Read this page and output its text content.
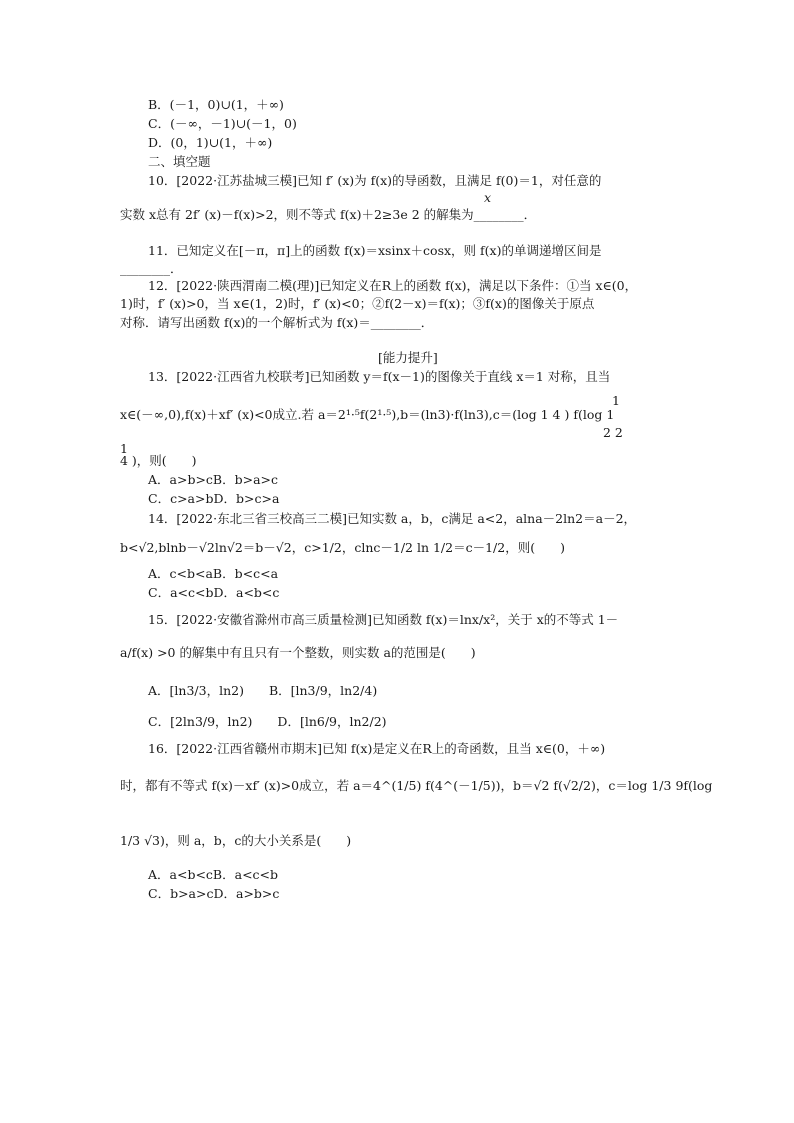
B．(－1，0)∪(1，＋∞)
C．(－∞，－1)∪(－1，0)
D．(0，1)∪(1，＋∞)
二、填空题
10．[2022·江苏盐城三模]已知 f′ (x)为 f(x)的导函数，且满足 f(0)＝1，对任意的
x
实数 x总有 2f′ (x)－f(x)>2，则不等式 f(x)＋2≥3e 2 的解集为________．
11．已知定义在[－π，π]上的函数 f(x)＝xsinx＋cosx，则 f(x)的单调递增区间是
________．
12．[2022·陕西渭南二模(理)]已知定义在R上的函数 f(x)，满足以下条件：①当 x∈(0，
1)时，f′ (x)>0，当 x∈(1，2)时，f′ (x)<0；②f(2－x)＝f(x)；③f(x)的图像关于原点
对称．请写出函数 f(x)的一个解析式为 f(x)＝________．
[能力提升]
13．[2022·江西省九校联考]已知函数 y＝f(x－1)的图像关于直线 x＝1 对称，且当
1
x∈(－∞,0),f(x)＋xf′ (x)<0成立.若 a＝2¹·⁵f(2¹·⁵),b＝(ln3)·f(ln3),c＝(log 1 4 ) f(log 1
2 2
1
4 )，则(　　)
A．a>b>cB．b>a>c
C．c>a>bD．b>c>a
14．[2022·东北三省三校高三二模]已知实数 a，b，c满足 a<2，alna－2ln2＝a－2，
b<√2,blnb－√2ln√2＝b－√2，c>1/2，clnc－1/2 ln 1/2＝c－1/2，则(　　)
A．c<b<aB．b<c<a
C．a<c<bD．a<b<c
15．[2022·安徽省滁州市高三质量检测]已知函数 f(x)＝lnx/x²，关于 x的不等式 1－
a/f(x) >0 的解集中有且只有一个整数，则实数 a的范围是(　　)
A．[ln3/3，ln2)　　B．[ln3/9，ln2/4)
C．[2ln3/9，ln2)　　D．[ln6/9，ln2/2)
16．[2022·江西省赣州市期末]已知 f(x)是定义在R上的奇函数，且当 x∈(0，＋∞)
时，都有不等式 f(x)－xf′ (x)>0成立，若 a＝4^(1/5) f(4^(－1/5))，b＝√2 f(√2/2)，c＝log 1/3 9f(log
1/3 √3)，则 a，b，c的大小关系是(　　)
A．a<b<cB．a<c<b
C．b>a>cD．a>b>c
